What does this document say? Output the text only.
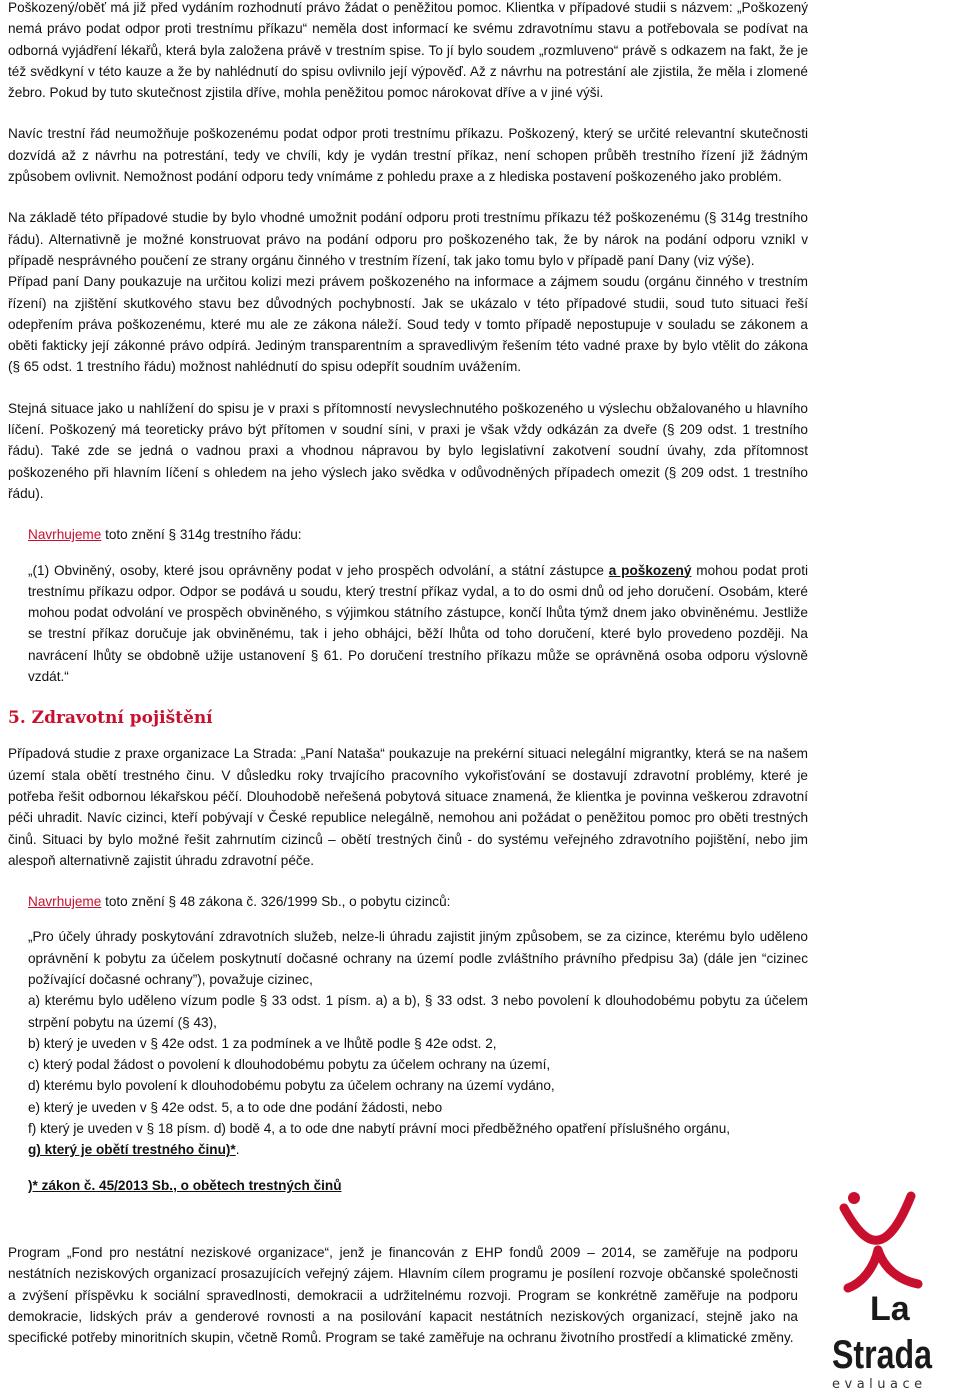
Poškozený/oběť má již před vydáním rozhodnutí právo žádat o peněžitou pomoc. Klientka v případové studii s názvem: „Poškozený nemá právo podat odpor proti trestnímu příkazu“ neměla dost informací ke svému zdravotnímu stavu a potřebovala se podívat na odborná vyjádření lékařů, která byla založena právě v trestním spise. To jí bylo soudem „rozmluveno“ právě s odkazem na fakt, že je též svědkyní v této kauze a že by nahlédnutí do spisu ovlivnilo její výpověď. Až z návrhu na potrestání ale zjistila, že měla i zlomené žebro. Pokud by tuto skutečnost zjistila dříve, mohla peněžitou pomoc nárokovat dříve a v jiné výši.

Navíc trestní řád neumožňuje poškozenému podat odpor proti trestnímu příkazu. Poškozený, který se určité relevantní skutečnosti dozvídá až z návrhu na potrestání, tedy ve chvíli, kdy je vydán trestní příkaz, není schopen průběh trestního řízení již žádným způsobem ovlivnit. Nemožnost podání odporu tedy vnímáme z pohledu praxe a z hlediska postavení poškozeného jako problém.

Na základě této případové studie by bylo vhodné umožnit podání odporu proti trestnímu příkazu též poškozenému (§ 314g trestního řádu). Alternativně je možné konstruovat právo na podání odporu pro poškozeného tak, že by nárok na podání odporu vznikl v případě nesprávného poučení ze strany orgánu činného v trestním řízení, tak jako tomu bylo v případě paní Dany (viz výše).

Případ paní Dany poukazuje na určitou kolizi mezi právem poškozeného na informace a zájmem soudu (orgánu činného v trestním řízení) na zjištění skutkového stavu bez důvodných pochybností. Jak se ukázalo v této případové studii, soud tuto situaci řeší odepřením práva poškozenému, které mu ale ze zákona náleží. Soud tedy v tomto případě nepostupuje v souladu se zákonem a oběti fakticky její zákonné právo odpírá. Jediným transparentním a spravedlivým řešením této vadné praxe by bylo vtělit do zákona (§ 65 odst. 1 trestního řádu) možnost nahlédnutí do spisu odepřít soudním uvážením.

Stejná situace jako u nahlížení do spisu je v praxi s přítomností nevyslechnutého poškozeného u výslechu obžalovaného u hlavního líčení. Poškozený má teoreticky právo být přítomen v soudní síni, v praxi je však vždy odkázán za dveře (§ 209 odst. 1 trestního řádu). Také zde se jedná o vadnou praxi a vhodnou nápravou by bylo legislativní zakotvení soudní úvahy, zda přítomnost poškozeného při hlavním líčení s ohledem na jeho výslech jako svědka v odůvodněných případech omezit (§ 209 odst. 1 trestního řádu).

Navrhujeme toto znění § 314g trestního řádu:

„(1) Obviněný, osoby, které jsou oprávněny podat v jeho prospěch odvolání, a státní zástupce a poškozený mohou podat proti trestnímu příkazu odpor. Odpor se podává u soudu, který trestní příkaz vydal, a to do osmi dnů od jeho doručení. Osobám, které mohou podat odvolání ve prospěch obviněného, s výjimkou státního zástupce, končí lhůta týmž dnem jako obviněnému. Jestliže se trestní příkaz doručuje jak obviněnému, tak i jeho obhájci, běží lhůta od toho doručení, které bylo provedeno později. Na navrácení lhůty se obdobně užije ustanovení § 61. Po doručení trestního příkazu může se oprávněná osoba odporu výslovně vzdát.“

5. Zdravotní pojištění

Případová studie z praxe organizace La Strada: „Paní Nataša“ poukazuje na prekérní situaci nelegální migrantky, která se na našem území stala obětí trestného činu. V důsledku roky trvajícího pracovního vykořisťování se dostavují zdravotní problémy, které je potřeba řešit odbornou lékařskou péčí. Dlouhodobě neřešená pobytová situace znamená, že klientka je povinna veškerou zdravotní péči uhradit. Navíc cizinci, kteří pobývají v České republice nelegálně, nemohou ani požádat o peněžitou pomoc pro oběti trestných činů. Situaci by bylo možné řešit zahrnutím cizinců – obětí trestných činů - do systému veřejného zdravotního pojištění, nebo jim alespoň alternativně zajistit úhradu zdravotní péče.

Navrhujeme toto znění § 48 zákona č. 326/1999 Sb., o pobytu cizinců:

„Pro účely úhrady poskytování zdravotních služeb, nelze-li úhradu zajistit jiným způsobem, se za cizince, kterému bylo uděleno oprávnění k pobytu za účelem poskytnutí dočasné ochrany na území podle zvláštního právního předpisu 3a) (dále jen “cizinec požívající dočasné ochrany”), považuje cizinec,

a) kterému bylo uděleno vízum podle § 33 odst. 1 písm. a) a b), § 33 odst. 3 nebo povolení k dlouhodobému pobytu za účelem strpění pobytu na území (§ 43),

b) který je uveden v § 42e odst. 1 za podmínek a ve lhůtě podle § 42e odst. 2,

c) který podal žádost o povolení k dlouhodobému pobytu za účelem ochrany na území,

d) kterému bylo povolení k dlouhodobému pobytu za účelem ochrany na území vydáno,

e) který je uveden v § 42e odst. 5, a to ode dne podání žádosti, nebo

f) který je uveden v § 18 písm. d) bodě 4, a to ode dne nabytí právní moci předběžného opatření příslušného orgánu,

g) který je obětí trestného činu)*.

)* zákon č. 45/2013 Sb., o obětech trestných činů

Program „Fond pro nestátní neziskové organizace“, jenž je financován z EHP fondů 2009 – 2014, se zaměřuje na podporu nestátních neziskových organizací prosazujících veřejný zájem. Hlavním cílem programu je posílení rozvoje občanské společnosti a zvýšení příspěvku k sociální spravedlnosti, demokracii a udržitelnému rozvoji. Program se konkrétně zaměřuje na podporu demokracie, lidských práv a genderové rovnosti a na posilování kapacit nestátních neziskových organizací, stejně jako na specifické potřeby minoritních skupin, včetně Romů. Program se také zaměřuje na ochranu životního prostředí a klimatické změny.
La
Strada
evaluace
